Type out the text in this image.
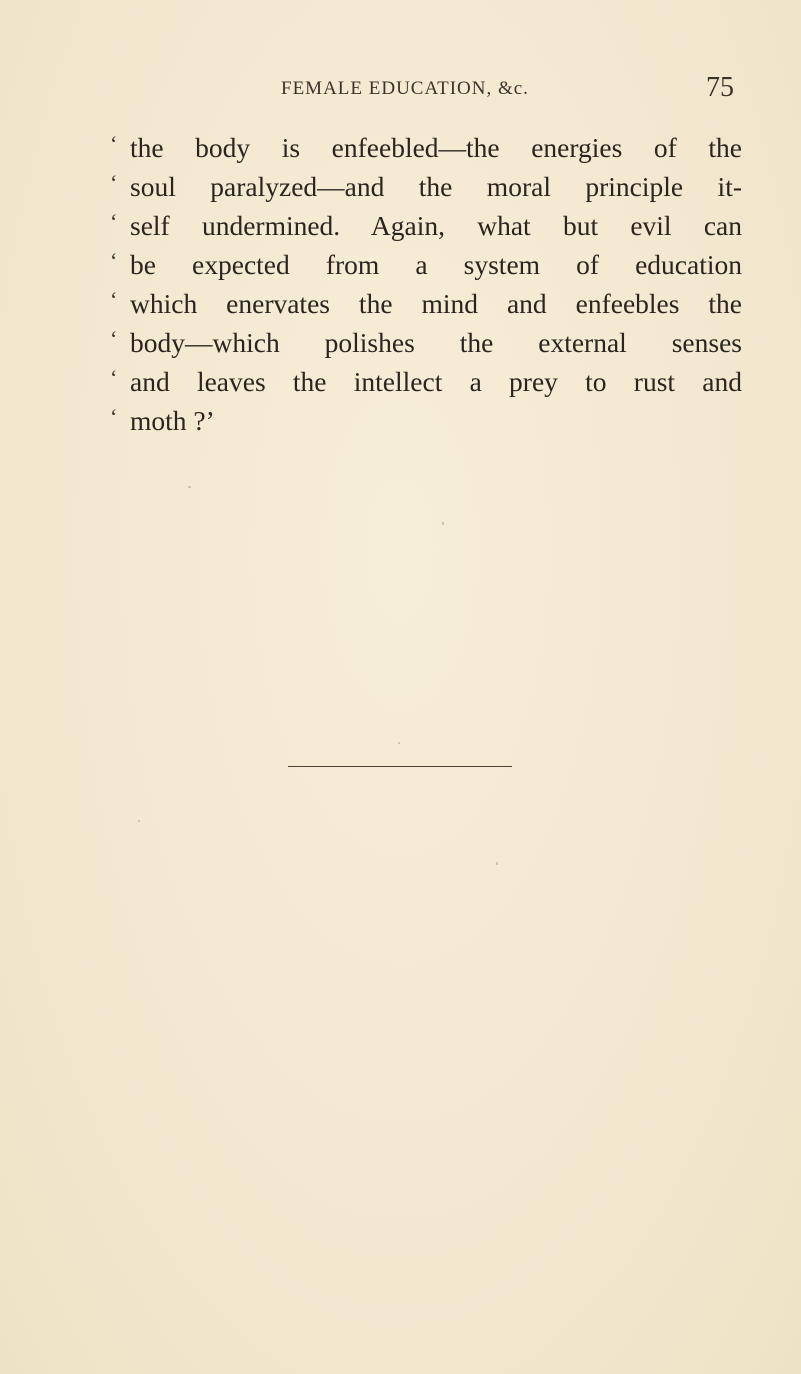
FEMALE EDUCATION, &c.	75
‘ the body is enfeebled—the energies of the
‘ soul paralyzed—and the moral principle it-
‘ self undermined. Again, what but evil can
‘ be expected from a system of education
‘ which enervates the mind and enfeebles the
‘ body—which polishes the external senses
‘ and leaves the intellect a prey to rust and
‘ moth ?’
